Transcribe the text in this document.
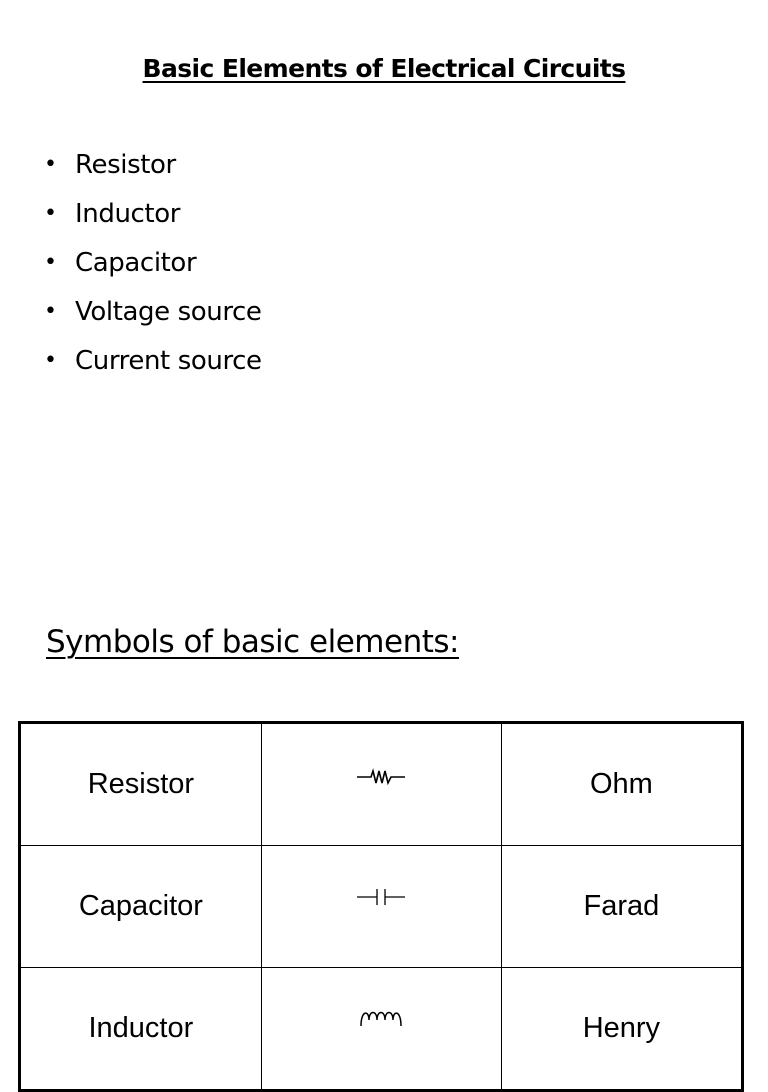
Basic Elements of Electrical Circuits
• Resistor
• Inductor
• Capacitor
• Voltage source
• Current source
Symbols of basic elements:
Resistor		Ohm
Capacitor		Farad
Inductor		Henry
